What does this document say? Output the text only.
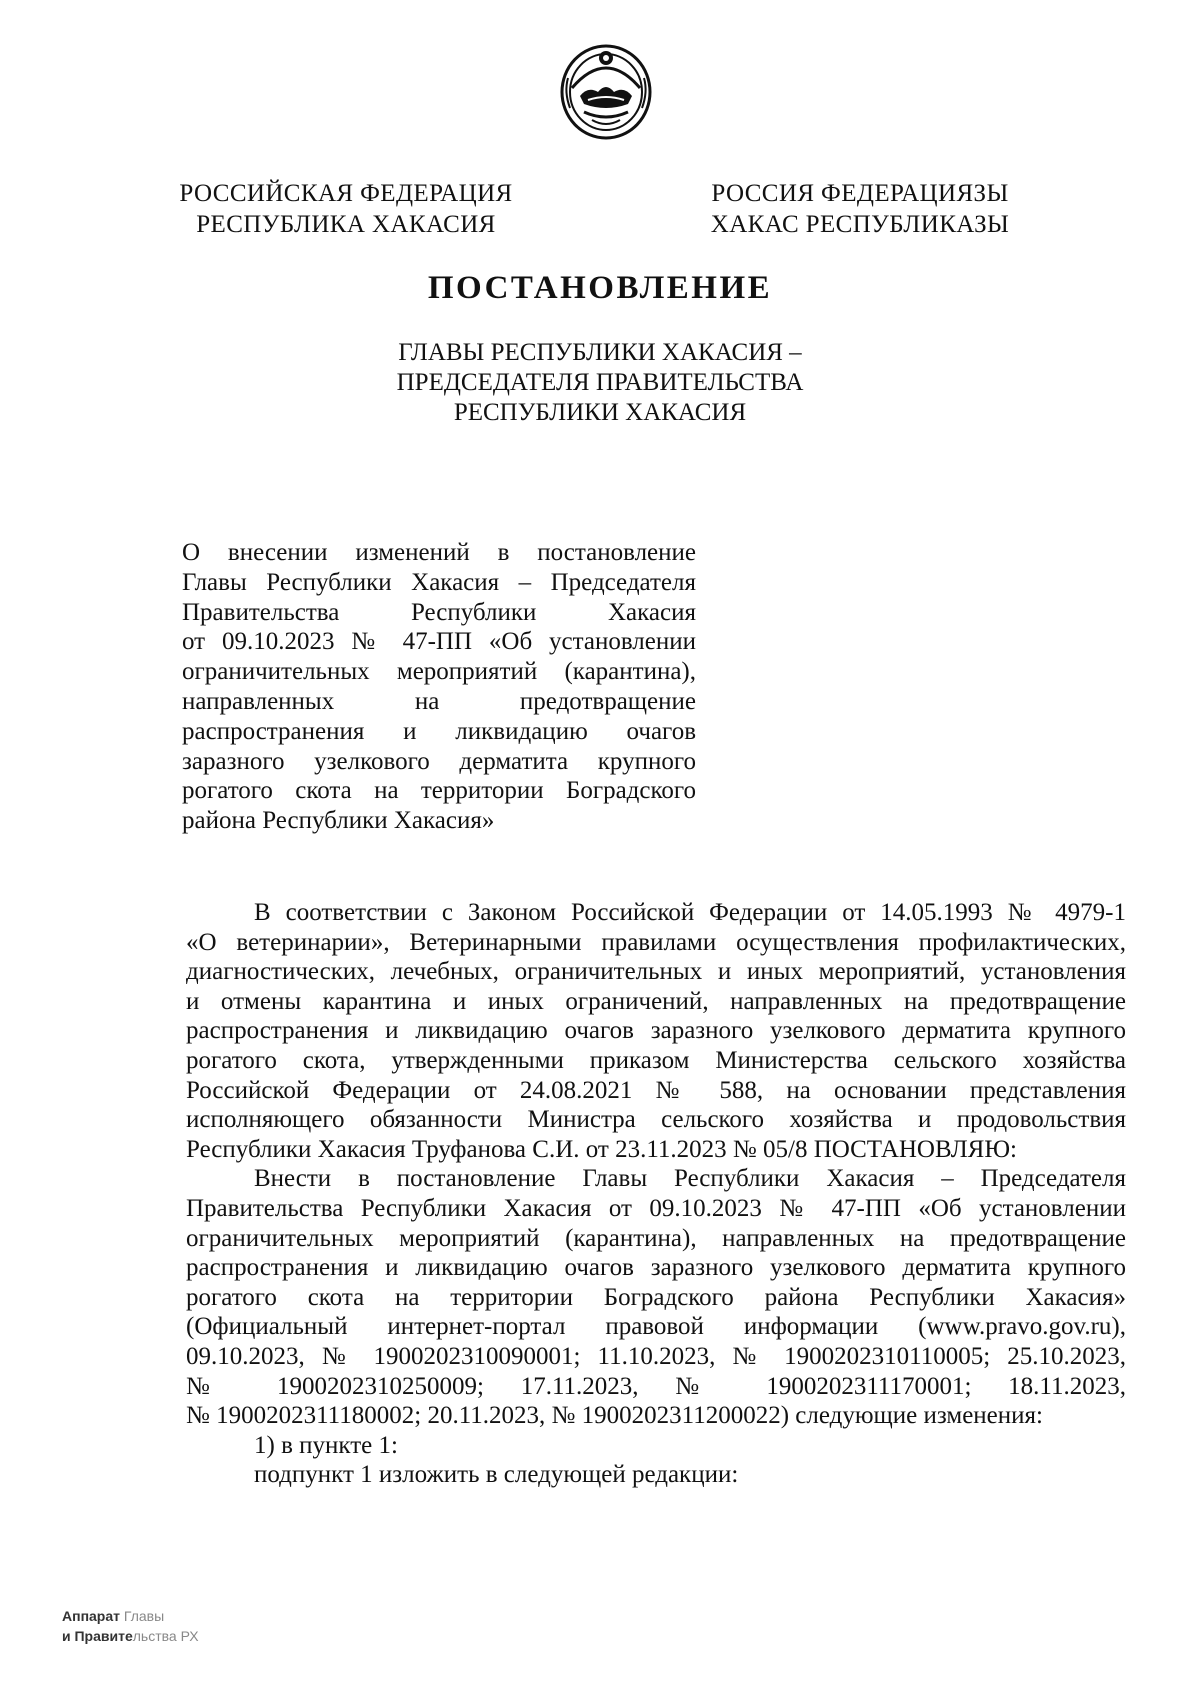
РОССИЙСКАЯ ФЕДЕРАЦИЯ
РЕСПУБЛИКА ХАКАСИЯ
РОССИЯ ФЕДЕРАЦИЯЗЫ
ХАКАС РЕСПУБЛИКАЗЫ
ПОСТАНОВЛЕНИЕ
ГЛАВЫ РЕСПУБЛИКИ ХАКАСИЯ –
ПРЕДСЕДАТЕЛЯ ПРАВИТЕЛЬСТВА
РЕСПУБЛИКИ ХАКАСИЯ
О внесении изменений в постановление
Главы Республики Хакасия – Председателя
Правительства Республики Хакасия
от 09.10.2023 № 47-ПП «Об установлении
ограничительных мероприятий (карантина),
направленных на предотвращение
распространения и ликвидацию очагов
заразного узелкового дерматита крупного
рогатого скота на территории Боградского
района Республики Хакасия»
В соответствии с Законом Российской Федерации от 14.05.1993 № 4979-1
«О ветеринарии», Ветеринарными правилами осуществления профилактических,
диагностических, лечебных, ограничительных и иных мероприятий, установления
и отмены карантина и иных ограничений, направленных на предотвращение
распространения и ликвидацию очагов заразного узелкового дерматита крупного
рогатого скота, утвержденными приказом Министерства сельского хозяйства
Российской Федерации от 24.08.2021 № 588, на основании представления
исполняющего обязанности Министра сельского хозяйства и продовольствия
Республики Хакасия Труфанова С.И. от 23.11.2023 № 05/8 ПОСТАНОВЛЯЮ:
Внести в постановление Главы Республики Хакасия – Председателя
Правительства Республики Хакасия от 09.10.2023 № 47-ПП «Об установлении
ограничительных мероприятий (карантина), направленных на предотвращение
распространения и ликвидацию очагов заразного узелкового дерматита крупного
рогатого скота на территории Боградского района Республики Хакасия»
(Официальный интернет-портал правовой информации (www.pravo.gov.ru),
09.10.2023, № 1900202310090001; 11.10.2023, № 1900202310110005; 25.10.2023,
№ 1900202310250009; 17.11.2023, № 1900202311170001; 18.11.2023,
№ 1900202311180002; 20.11.2023, № 1900202311200022) следующие изменения:
1) в пункте 1:
подпункт 1 изложить в следующей редакции:
Аппарат Главы
и Правительства РХ
